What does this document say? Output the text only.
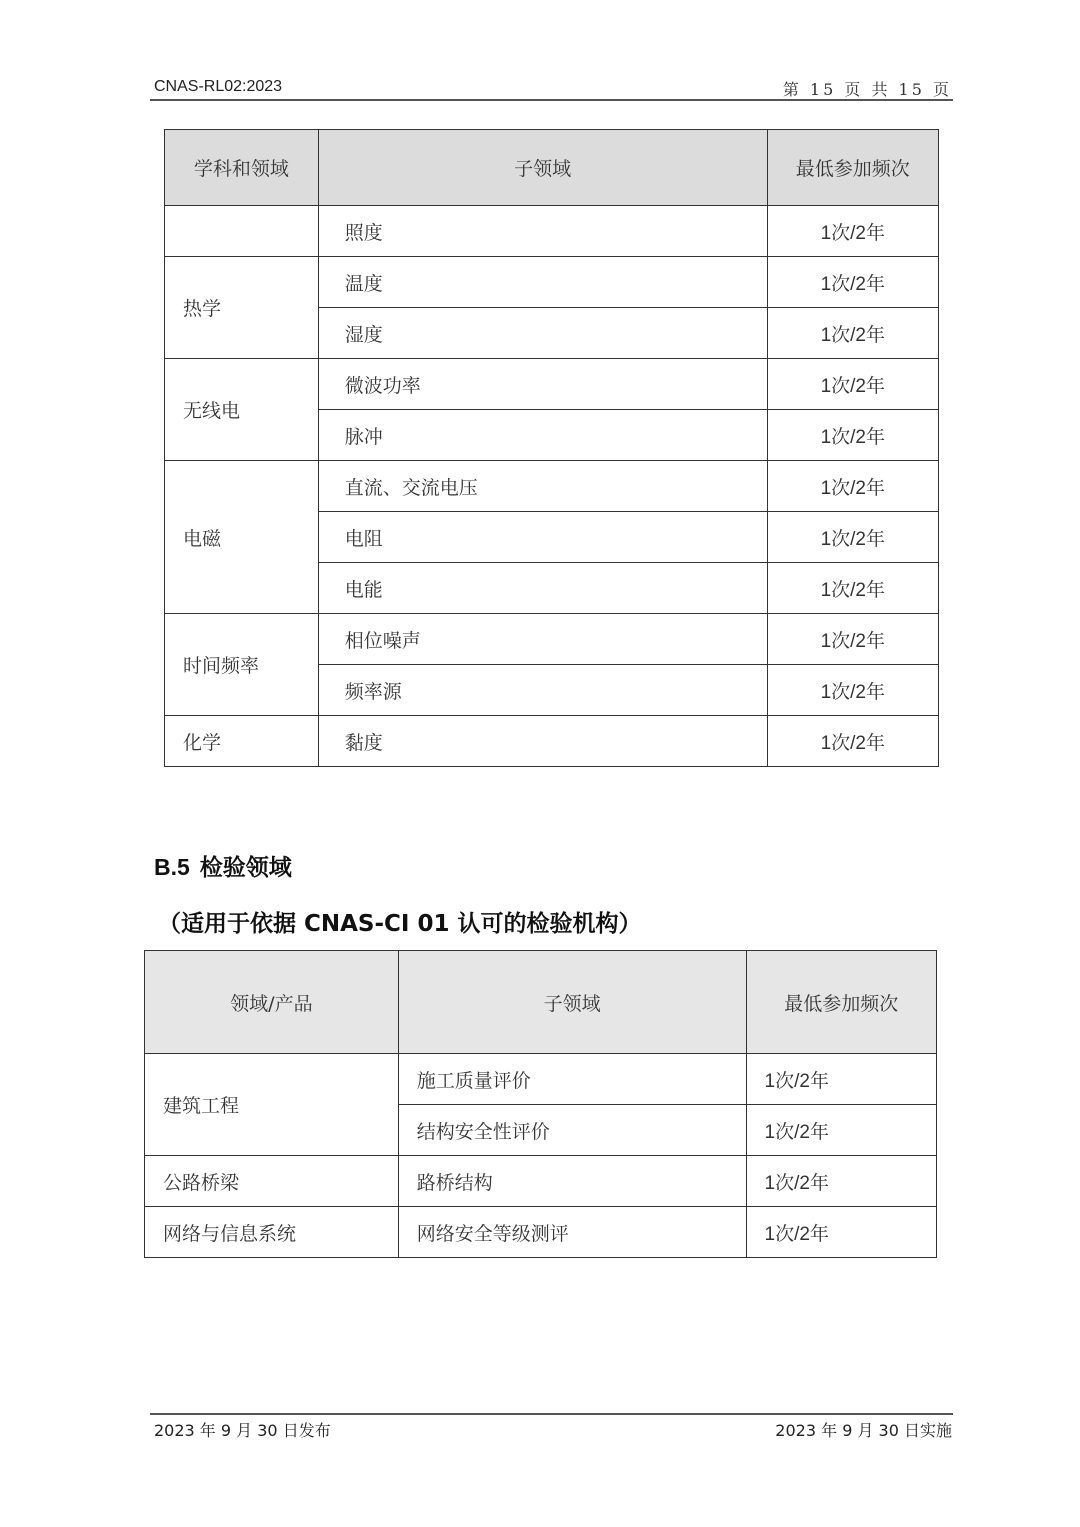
CNAS-RL02:2023	第 15 页 共 15 页
学科和领域	子领域	最低参加频次
	照度	1次/2年
热学	温度	1次/2年
	湿度	1次/2年
无线电	微波功率	1次/2年
	脉冲	1次/2年
电磁	直流、交流电压	1次/2年
	电阻	1次/2年
	电能	1次/2年
时间频率	相位噪声	1次/2年
	频率源	1次/2年
化学	黏度	1次/2年
B.5 检验领域
（适用于依据 CNAS-CI 01 认可的检验机构）
领域/产品	子领域	最低参加频次
建筑工程	施工质量评价	1次/2年
	结构安全性评价	1次/2年
公路桥梁	路桥结构	1次/2年
网络与信息系统	网络安全等级测评	1次/2年
2023 年 9 月 30 日发布	2023 年 9 月 30 日实施
